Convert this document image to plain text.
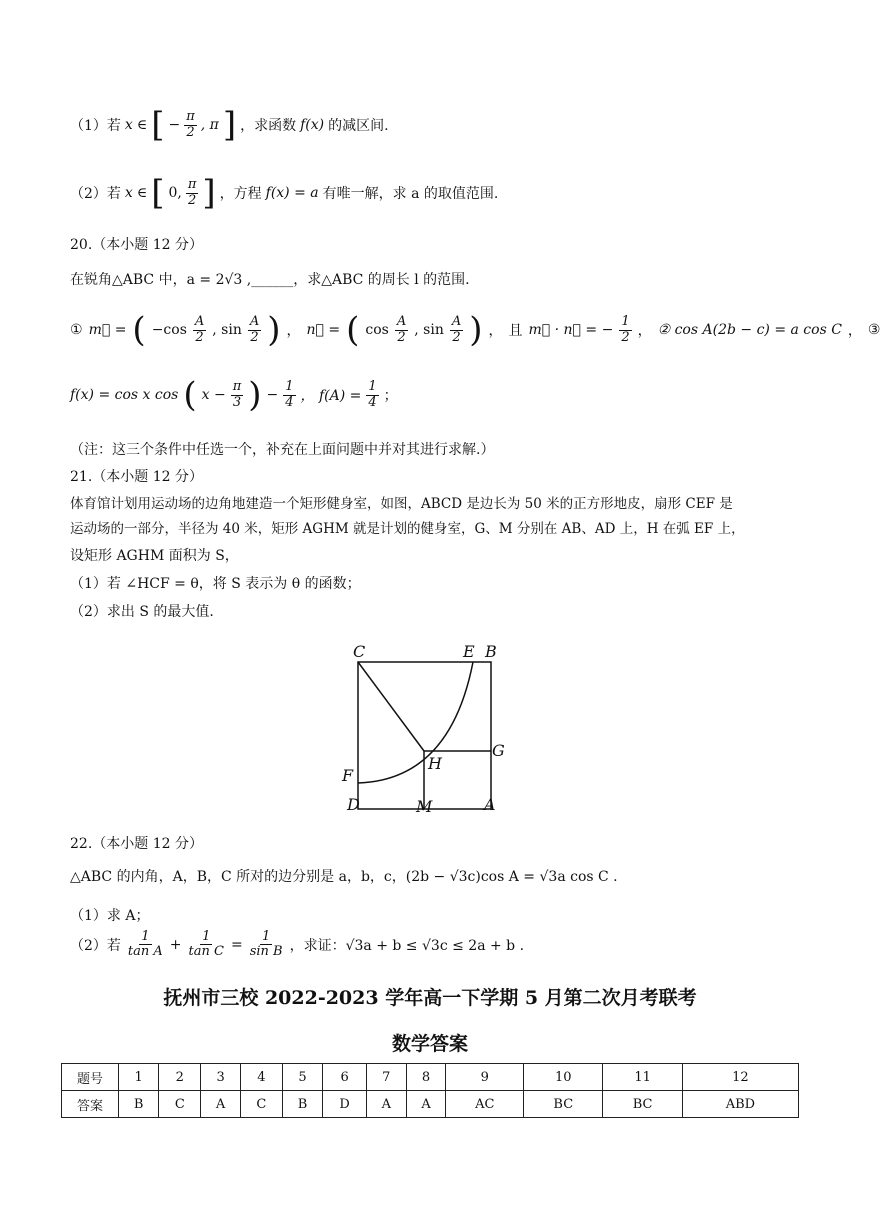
（1）若 x ∈ [ − $\frac{\pi}{2}$ , π ] ，求函数 f(x) 的减区间.
（2）若 x ∈ [ 0, $\frac{\pi}{2}$ ] ，方程 f(x) = a 有唯一解，求 a 的取值范围.
20.（本小题 12 分）
在锐角△ABC 中，a = 2√3 ,______，求△ABC 的周长 l 的范围.
① m⃗ = ( $-\cos \frac{A}{2}$ , $\sin \frac{A}{2}$ ) ， n⃗ = ( $\cos \frac{A}{2}$ , $\sin \frac{A}{2}$ ) ， 且 m⃗ · n⃗ = − $\frac{1}{2}$ ， ② cos A(2b − c) = a cos C ， ③
f(x) = cos x cos ( $x - \frac{\pi}{3}$ ) − $\frac{1}{4}$ ， $f(A) = \frac{1}{4}$ ；
（注：这三个条件中任选一个，补充在上面问题中并对其进行求解.）
21.（本小题 12 分）
体育馆计划用运动场的边角地建造一个矩形健身室，如图，ABCD 是边长为 50 米的正方形地皮，扇形 CEF 是
运动场的一部分，半径为 40 米，矩形 AGHM 就是计划的健身室，G、M 分别在 AB、AD 上，H 在弧 EF 上，
设矩形 AGHM 面积为 S，
（1）若 ∠HCF = θ，将 S 表示为 θ 的函数；
（2）求出 S 的最大值.
C	E B
G
H
F
D	M	A
22.（本小题 12 分）
△ABC 的内角，A，B，C 所对的边分别是 a，b，c，(2b − √3c)cos A = √3a cos C .
（1）求 A；
（2）若 $\frac{1}{\text{tan A}} + \frac{1}{\text{tan C}} = \frac{1}{\text{sin B}}$ ，求证：√3a + b ≤ √3c ≤ 2a + b .
抚州市三校 2022-2023 学年高一下学期 5 月第二次月考联考
数学答案
题号	1	2	3	4	5	6	7	8	9	10	11	12
答案	B	C	A	C	B	D	A	A	AC	BC	BC	ABD
